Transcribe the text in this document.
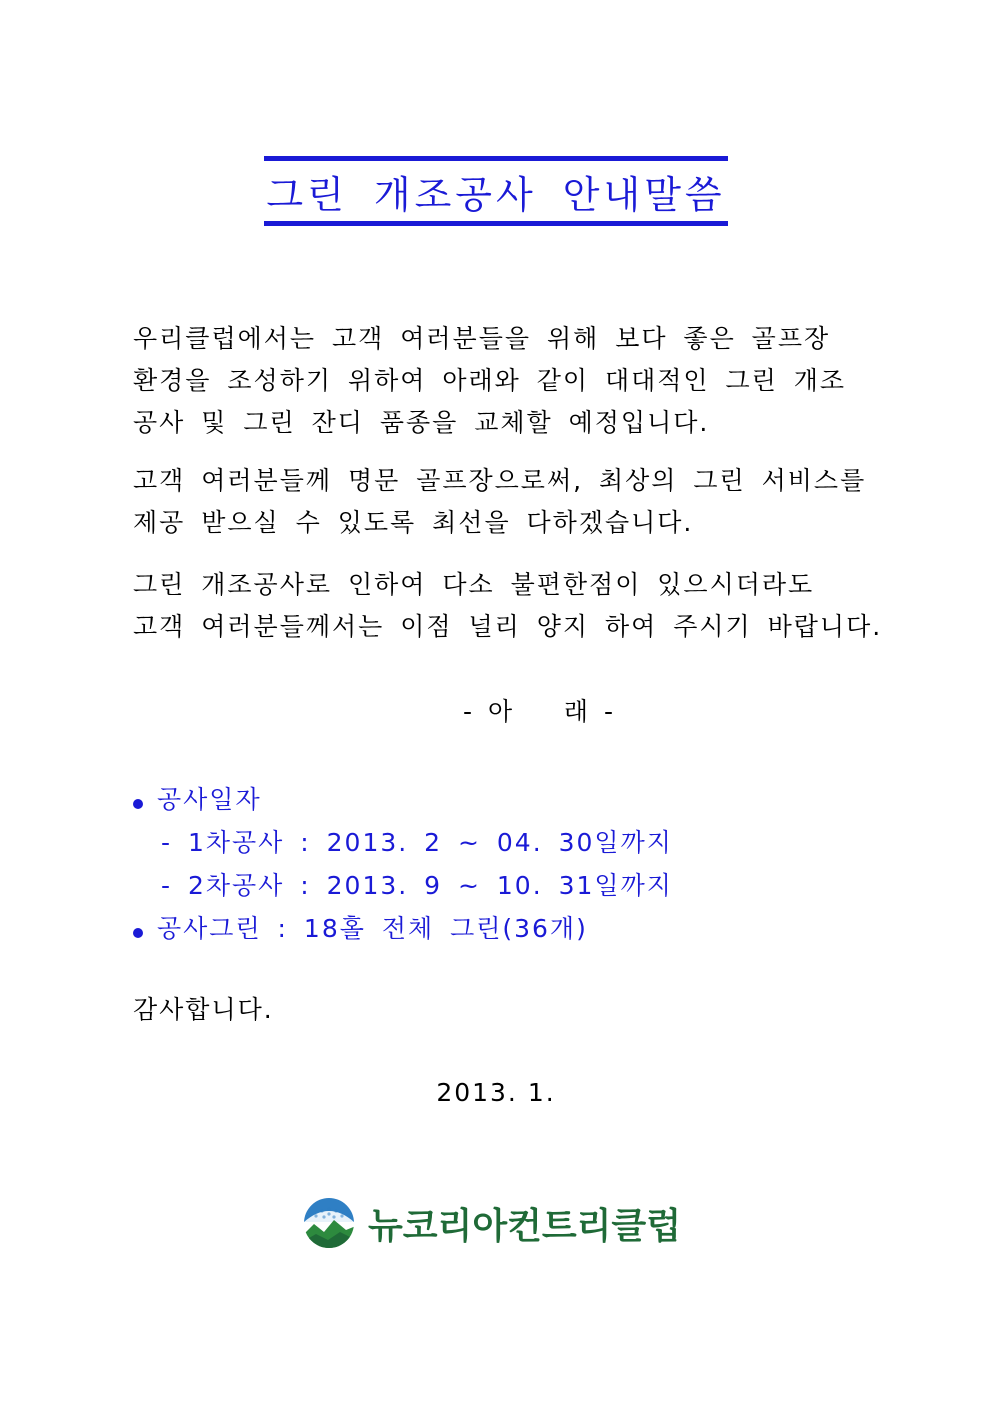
그린 개조공사 안내말씀
우리클럽에서는 고객 여러분들을 위해 보다 좋은 골프장
환경을 조성하기 위하여 아래와 같이 대대적인 그린 개조
공사 및 그린 잔디 품종을 교체할 예정입니다.
고객 여러분들께 명문 골프장으로써, 최상의 그린 서비스를
제공 받으실 수 있도록 최선을 다하겠습니다.
그린 개조공사로 인하여 다소 불편한점이 있으시더라도
고객 여러분들께서는 이점 널리 양지 하여 주시기 바랍니다.
- 아    래 -
공사일자
- 1차공사 : 2013. 2 ~ 04. 30일까지
- 2차공사 : 2013. 9 ~ 10. 31일까지
공사그린 : 18홀 전체 그린(36개)
감사합니다.
2013. 1.
뉴코리아컨트리클럽
